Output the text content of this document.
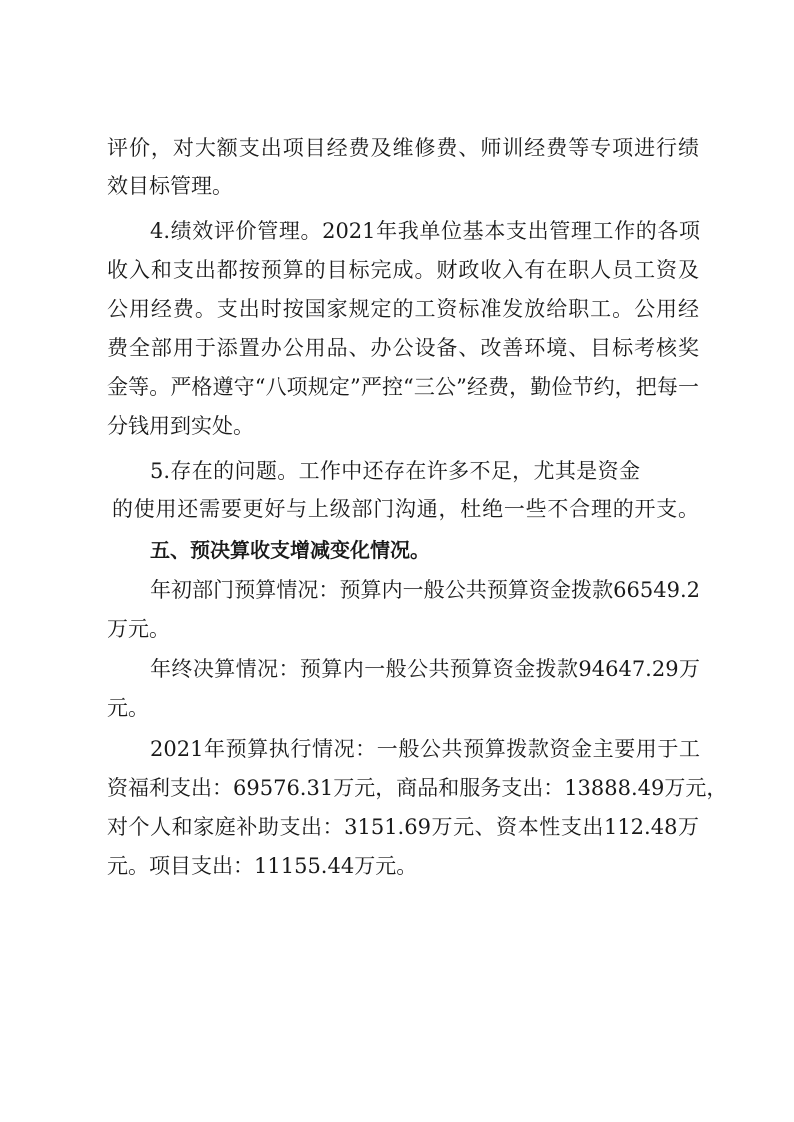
评价，对大额支出项目经费及维修费、师训经费等专项进行绩
效目标管理。
4.绩效评价管理。2021年我单位基本支出管理工作的各项
收入和支出都按预算的目标完成。财政收入有在职人员工资及
公用经费。支出时按国家规定的工资标准发放给职工。公用经
费全部用于添置办公用品、办公设备、改善环境、目标考核奖
金等。严格遵守“八项规定”严控“三公”经费，勤俭节约，把每一
分钱用到实处。
5.存在的问题。工作中还存在许多不足，尤其是资金
的使用还需要更好与上级部门沟通，杜绝一些不合理的开支。
五、预决算收支增减变化情况。
年初部门预算情况：预算内一般公共预算资金拨款66549.2
万元。
年终决算情况：预算内一般公共预算资金拨款94647.29万
元。
2021年预算执行情况：一般公共预算拨款资金主要用于工
资福利支出：69576.31万元，商品和服务支出：13888.49万元，
对个人和家庭补助支出：3151.69万元、资本性支出112.48万
元。项目支出：11155.44万元。
